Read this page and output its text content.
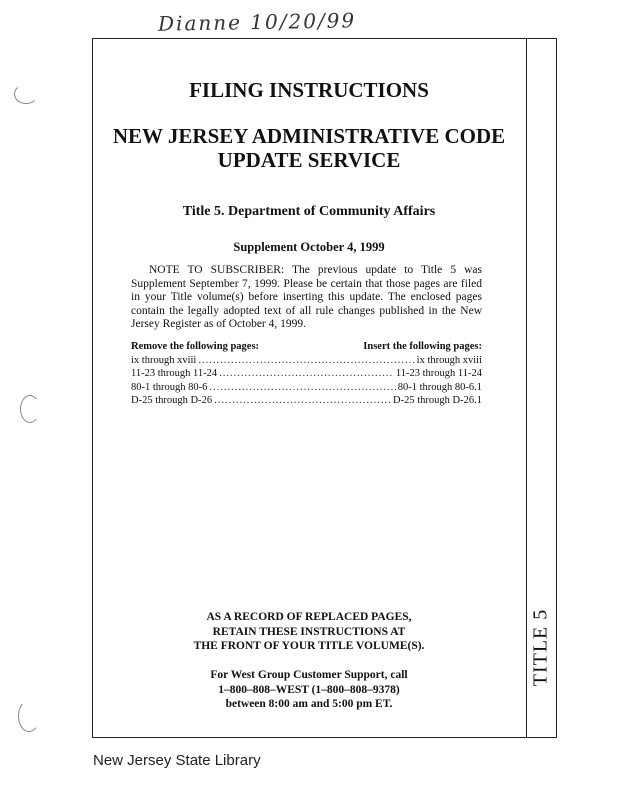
Dianne 10/20/99
TITLE 5
FILING INSTRUCTIONS
NEW JERSEY ADMINISTRATIVE CODE
UPDATE SERVICE
Title 5. Department of Community Affairs
Supplement October 4, 1999
NOTE TO SUBSCRIBER: The previous update to Title 5 was Supplement September 7, 1999. Please be certain that those pages are filed in your Title volume(s) before inserting this update. The enclosed pages contain the legally adopted text of all rule changes published in the New Jersey Register as of October 4, 1999.
Remove the following pages:	Insert the following pages:
ix through xviii .....	ix through xviii
11-23 through 11-24 .....	11-23 through 11-24
80-1 through 80-6 .....	80-1 through 80-6.1
D-25 through D-26 .....	D-25 through D-26.1
AS A RECORD OF REPLACED PAGES,
RETAIN THESE INSTRUCTIONS AT
THE FRONT OF YOUR TITLE VOLUME(S).
For West Group Customer Support, call
1–800–808–WEST (1–800–808–9378)
between 8:00 am and 5:00 pm ET.
New Jersey State Library
